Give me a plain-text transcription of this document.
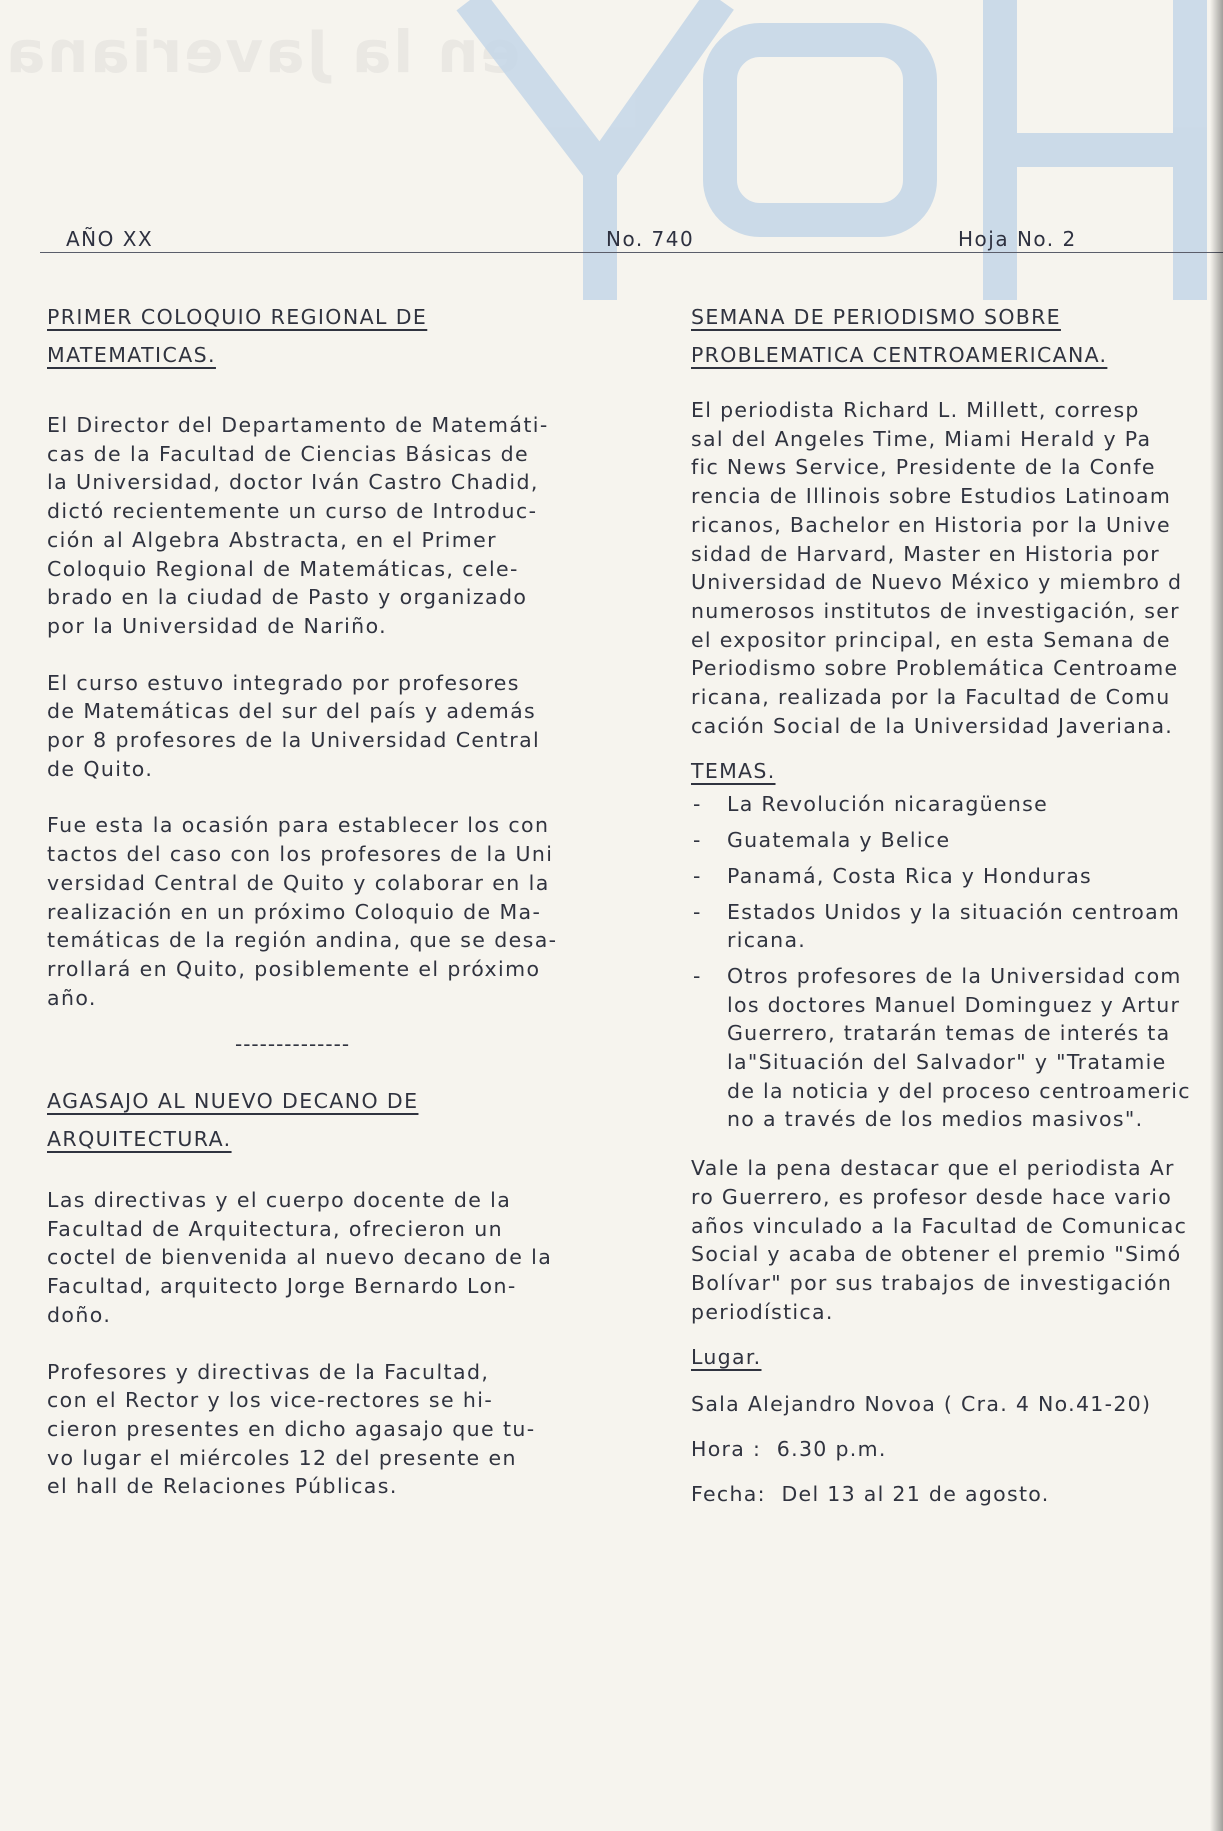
en la Javeriana
AÑO XX	No. 740	Hoja No. 2

PRIMER COLOQUIO REGIONAL DE

MATEMATICAS.

El Director del Departamento de Matemáti-
cas de la Facultad de Ciencias Básicas de
la Universidad, doctor Iván Castro Chadid,
dictó recientemente un curso de Introduc-
ción al Algebra Abstracta, en el Primer
Coloquio Regional de Matemáticas, cele-
brado en la ciudad de Pasto y organizado
por la Universidad de Nariño.

El curso estuvo integrado por profesores
de Matemáticas del sur del país y además
por 8 profesores de la Universidad Central
de Quito.

Fue esta la ocasión para establecer los con
tactos del caso con los profesores de la Uni
versidad Central de Quito y colaborar en la
realización en un próximo Coloquio de Ma-
temáticas de la región andina, que se desa-
rrollará en Quito, posiblemente el próximo
año.

--------------

AGASAJO AL NUEVO DECANO DE

ARQUITECTURA.

Las directivas y el cuerpo docente de la
Facultad de Arquitectura, ofrecieron un
coctel de bienvenida al nuevo decano de la
Facultad, arquitecto Jorge Bernardo Lon-
doño.

Profesores y directivas de la Facultad,
con el Rector y los vice-rectores se hi-
cieron presentes en dicho agasajo que tu-
vo lugar el miércoles 12 del presente en
el hall de Relaciones Públicas.

SEMANA DE PERIODISMO SOBRE

PROBLEMATICA CENTROAMERICANA.

El periodista Richard L. Millett, corresp
sal del Angeles Time, Miami Herald y Pa
fic News Service, Presidente de la Confe
rencia de Illinois sobre Estudios Latinoam
ricanos, Bachelor en Historia por la Unive
sidad de Harvard, Master en Historia por
Universidad de Nuevo México y miembro d
numerosos institutos de investigación, ser
el expositor principal, en esta Semana de
Periodismo sobre Problemática Centroame
ricana, realizada por la Facultad de Comu
cación Social de la Universidad Javeriana.

TEMAS.

- La Revolución nicaragüense
- Guatemala y Belice
- Panamá, Costa Rica y Honduras
- Estados Unidos y la situación centroam
ricana.
- Otros profesores de la Universidad com
los doctores Manuel Dominguez y Artur
Guerrero, tratarán temas de interés ta
la"Situación del Salvador" y "Tratamie
de la noticia y del proceso centroameric
no a través de los medios masivos".

Vale la pena destacar que el periodista Ar
ro Guerrero, es profesor desde hace vario
años vinculado a la Facultad de Comunicac
Social y acaba de obtener el premio "Simó
Bolívar" por sus trabajos de investigación
periodística.

Lugar.

Sala Alejandro Novoa ( Cra. 4 No.41-20)

Hora :  6.30 p.m.

Fecha:  Del 13 al 21 de agosto.
